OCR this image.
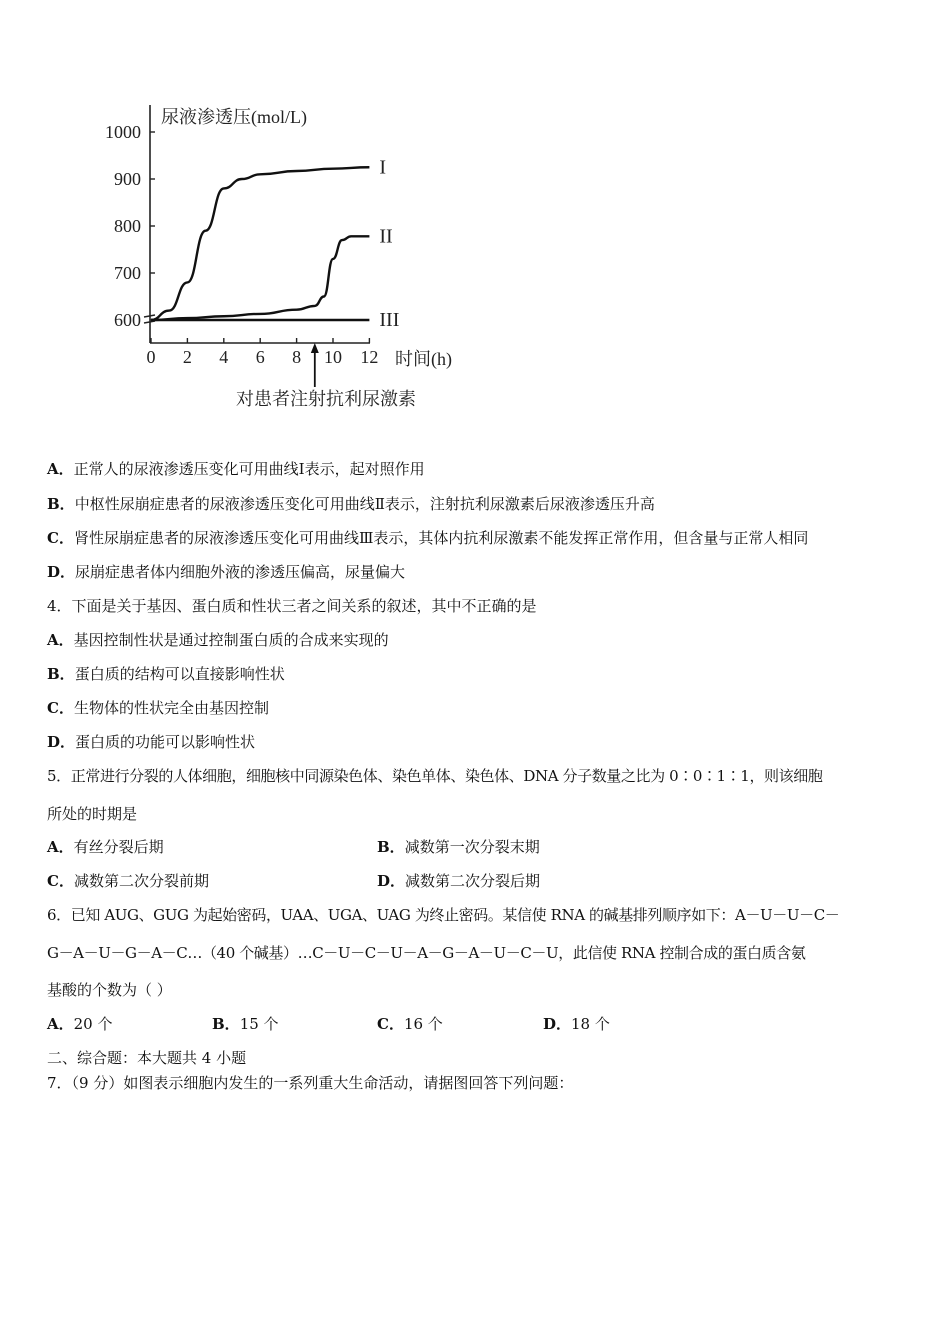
1000
900
800
700
600
0 2 4 6 8 10 12
I
II
III
尿液渗透压(mol/L)
时间(h)
对患者注射抗利尿激素
A．正常人的尿液渗透压变化可用曲线Ⅰ表示，起对照作用
B．中枢性尿崩症患者的尿液渗透压变化可用曲线Ⅱ表示，注射抗利尿激素后尿液渗透压升高
C．肾性尿崩症患者的尿液渗透压变化可用曲线Ⅲ表示，其体内抗利尿激素不能发挥正常作用，但含量与正常人相同
D．尿崩症患者体内细胞外液的渗透压偏高，尿量偏大
4．下面是关于基因、蛋白质和性状三者之间关系的叙述，其中不正确的是
A．基因控制性状是通过控制蛋白质的合成来实现的
B．蛋白质的结构可以直接影响性状
C．生物体的性状完全由基因控制
D．蛋白质的功能可以影响性状
5．正常进行分裂的人体细胞，细胞核中同源染色体、染色单体、染色体、DNA 分子数量之比为 0∶0∶1∶1，则该细胞
所处的时期是
A．有丝分裂后期	B．减数第一次分裂末期
C．减数第二次分裂前期	D．减数第二次分裂后期
6．已知 AUG、GUG 为起始密码，UAA、UGA、UAG 为终止密码。某信使 RNA 的碱基排列顺序如下：A－U－U－C－
G－A－U－G－A－C…（40 个碱基）…C－U－C－U－A－G－A－U－C－U，此信使 RNA 控制合成的蛋白质含氨
基酸的个数为（ ）
A．20 个	B．15 个	C．16 个	D．18 个
二、综合题：本大题共 4 小题
7．（9 分）如图表示细胞内发生的一系列重大生命活动，请据图回答下列问题：
